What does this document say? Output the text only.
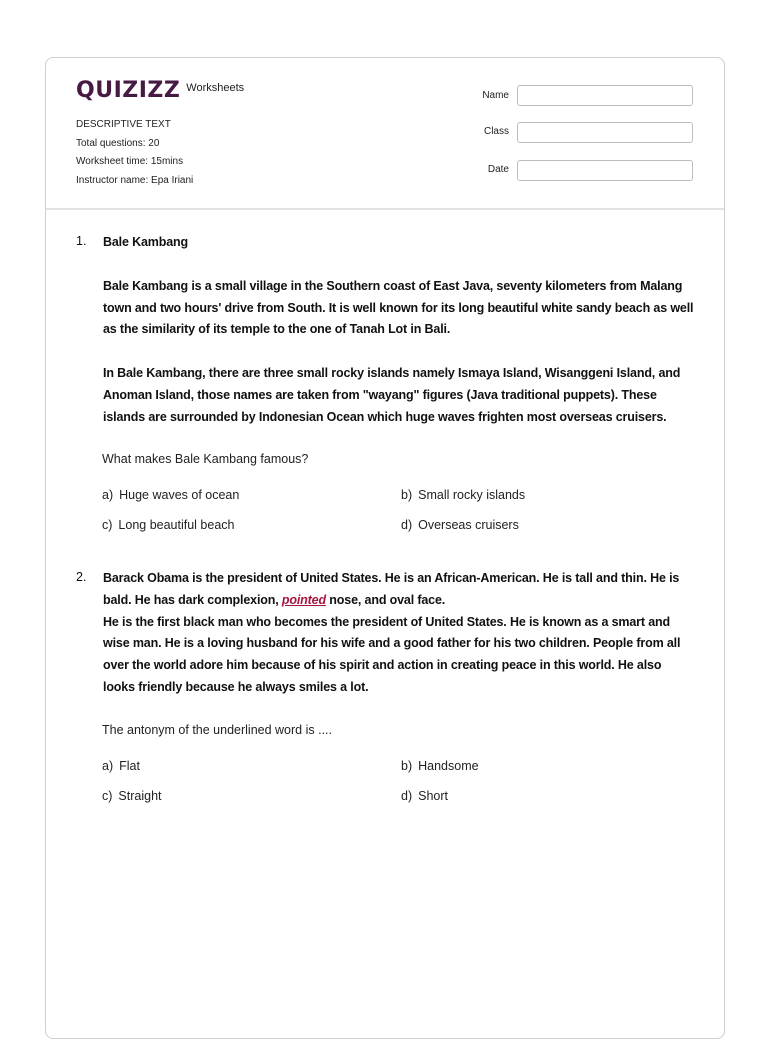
QUIZIZZ Worksheets
DESCRIPTIVE TEXT
Total questions: 20
Worksheet time: 15mins
Instructor name: Epa Iriani
Name
Class
Date
1. Bale Kambang

Bale Kambang is a small village in the Southern coast of East Java, seventy kilometers from Malang town and two hours' drive from South. It is well known for its long beautiful white sandy beach as well as the similarity of its temple to the one of Tanah Lot in Bali.

In Bale Kambang, there are three small rocky islands namely Ismaya Island, Wisanggeni Island, and Anoman Island, those names are taken from "wayang" figures (Java traditional puppets). These islands are surrounded by Indonesian Ocean which huge waves frighten most overseas cruisers.

What makes Bale Kambang famous?
a) Huge waves of ocean	b) Small rocky islands
c) Long beautiful beach	d) Overseas cruisers
2. Barack Obama is the president of United States. He is an African-American. He is tall and thin. He is bald. He has dark complexion, pointed nose, and oval face.

He is the first black man who becomes the president of United States. He is known as a smart and wise man. He is a loving husband for his wife and a good father for his two children. People from all over the world adore him because of his spirit and action in creating peace in this world. He also looks friendly because he always smiles a lot.

The antonym of the underlined word is ....
a) Flat	b) Handsome
c) Straight	d) Short
